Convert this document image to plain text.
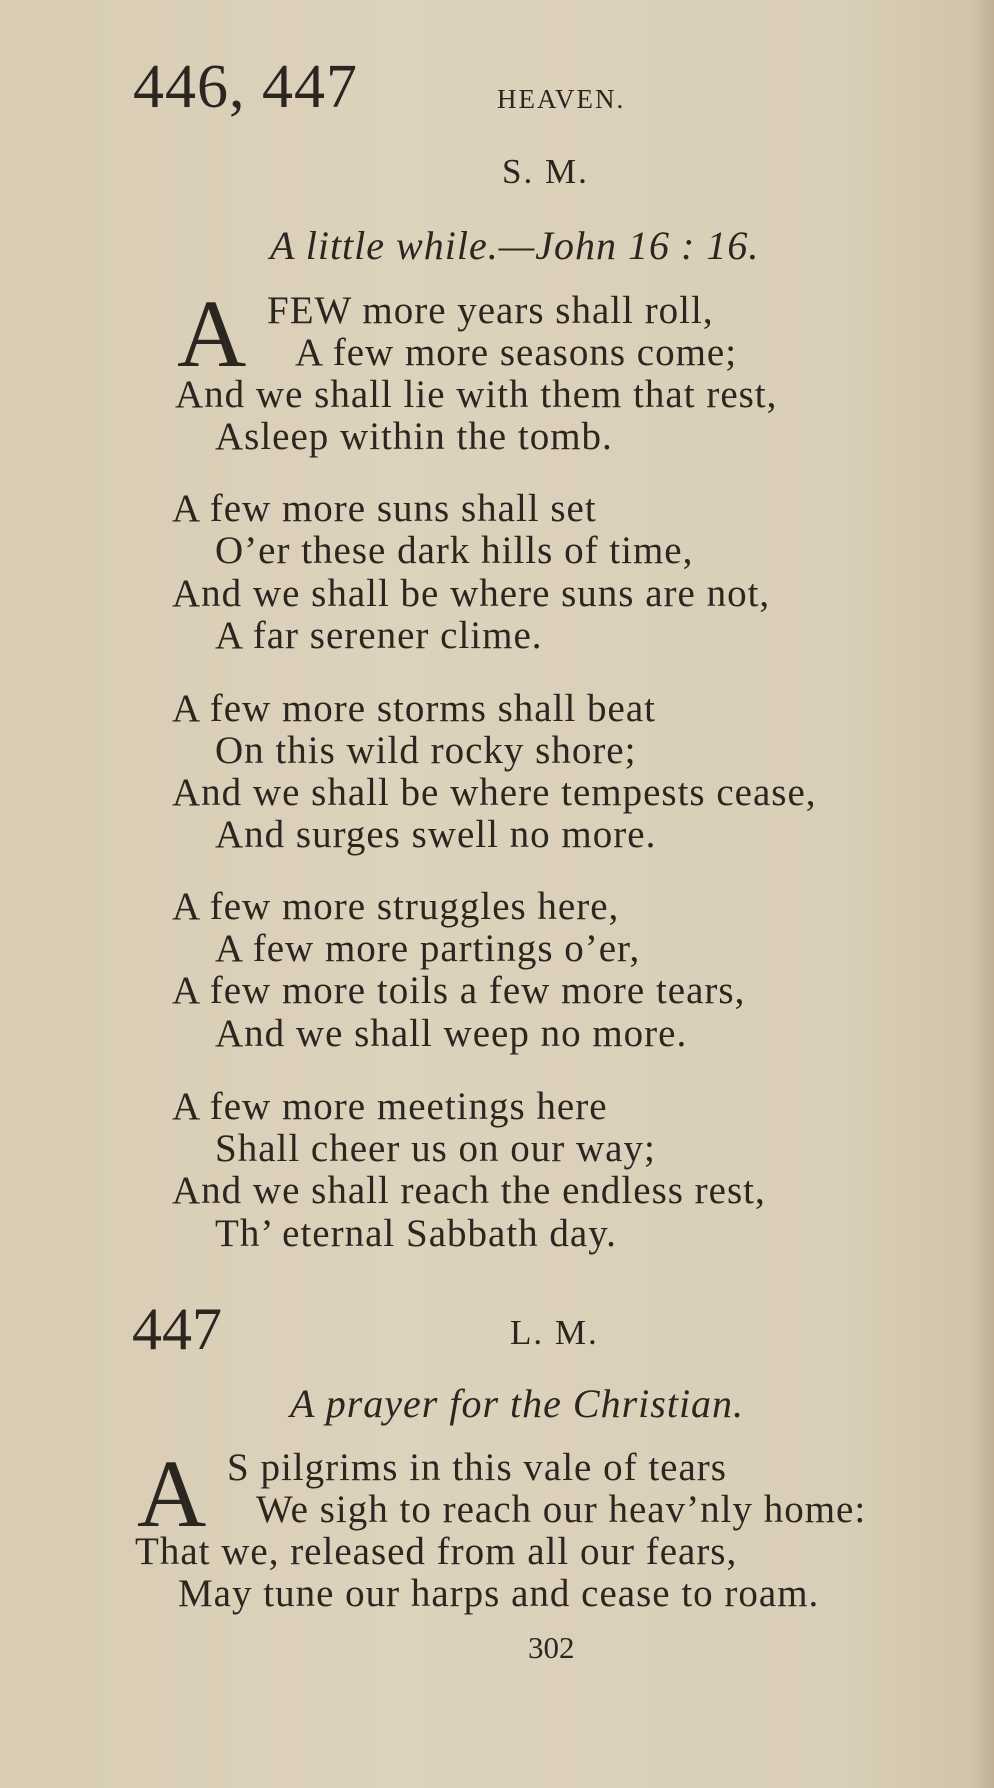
446, 447	HEAVEN.
S. M.
A little while.—John 16 : 16.
A FEW more years shall roll,
A few more seasons come;
And we shall lie with them that rest,
Asleep within the tomb.
A few more suns shall set
O’er these dark hills of time,
And we shall be where suns are not,
A far serener clime.
A few more storms shall beat
On this wild rocky shore;
And we shall be where tempests cease,
And surges swell no more.
A few more struggles here,
A few more partings o’er,
A few more toils a few more tears,
And we shall weep no more.
A few more meetings here
Shall cheer us on our way;
And we shall reach the endless rest,
Th’ eternal Sabbath day.
447	L. M.
A prayer for the Christian.
A S pilgrims in this vale of tears
We sigh to reach our heav’nly home:
That we, released from all our fears,
May tune our harps and cease to roam.
302
